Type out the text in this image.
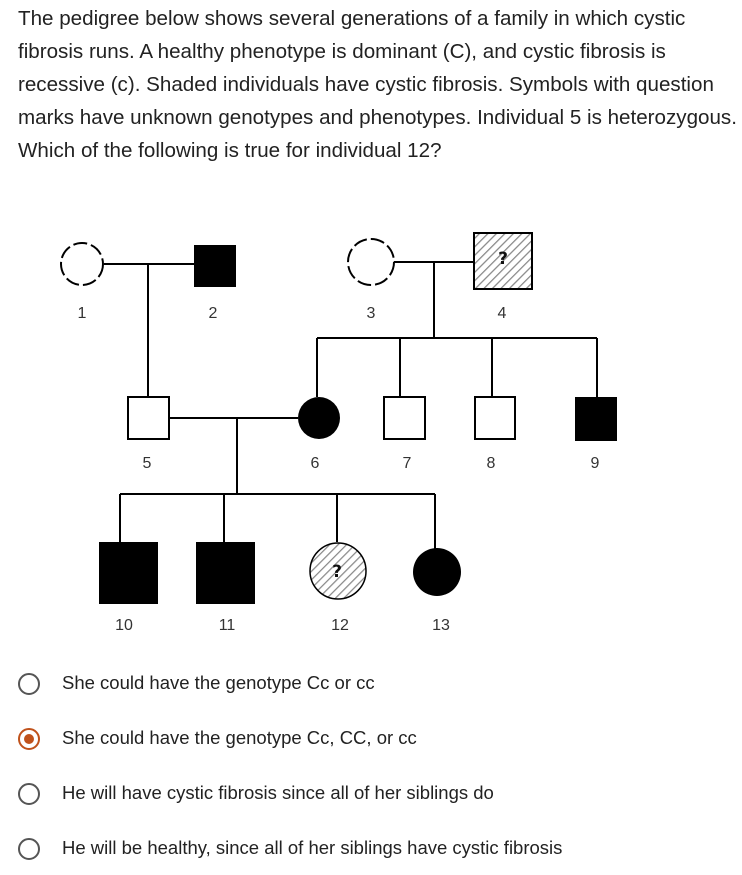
The pedigree below shows several generations of a family in which cystic fibrosis runs. A healthy phenotype is dominant (C), and cystic fibrosis is recessive (c). Shaded individuals have cystic fibrosis. Symbols with question marks have unknown genotypes and phenotypes. Individual 5 is heterozygous. Which of the following is true for individual 12?
1	2	3
?
4
5	6	7	8	9
10	11
?
12	13
She could have the genotype Cc or cc
She could have the genotype Cc, CC, or cc
He will have cystic fibrosis since all of her siblings do
He will be healthy, since all of her siblings have cystic fibrosis
